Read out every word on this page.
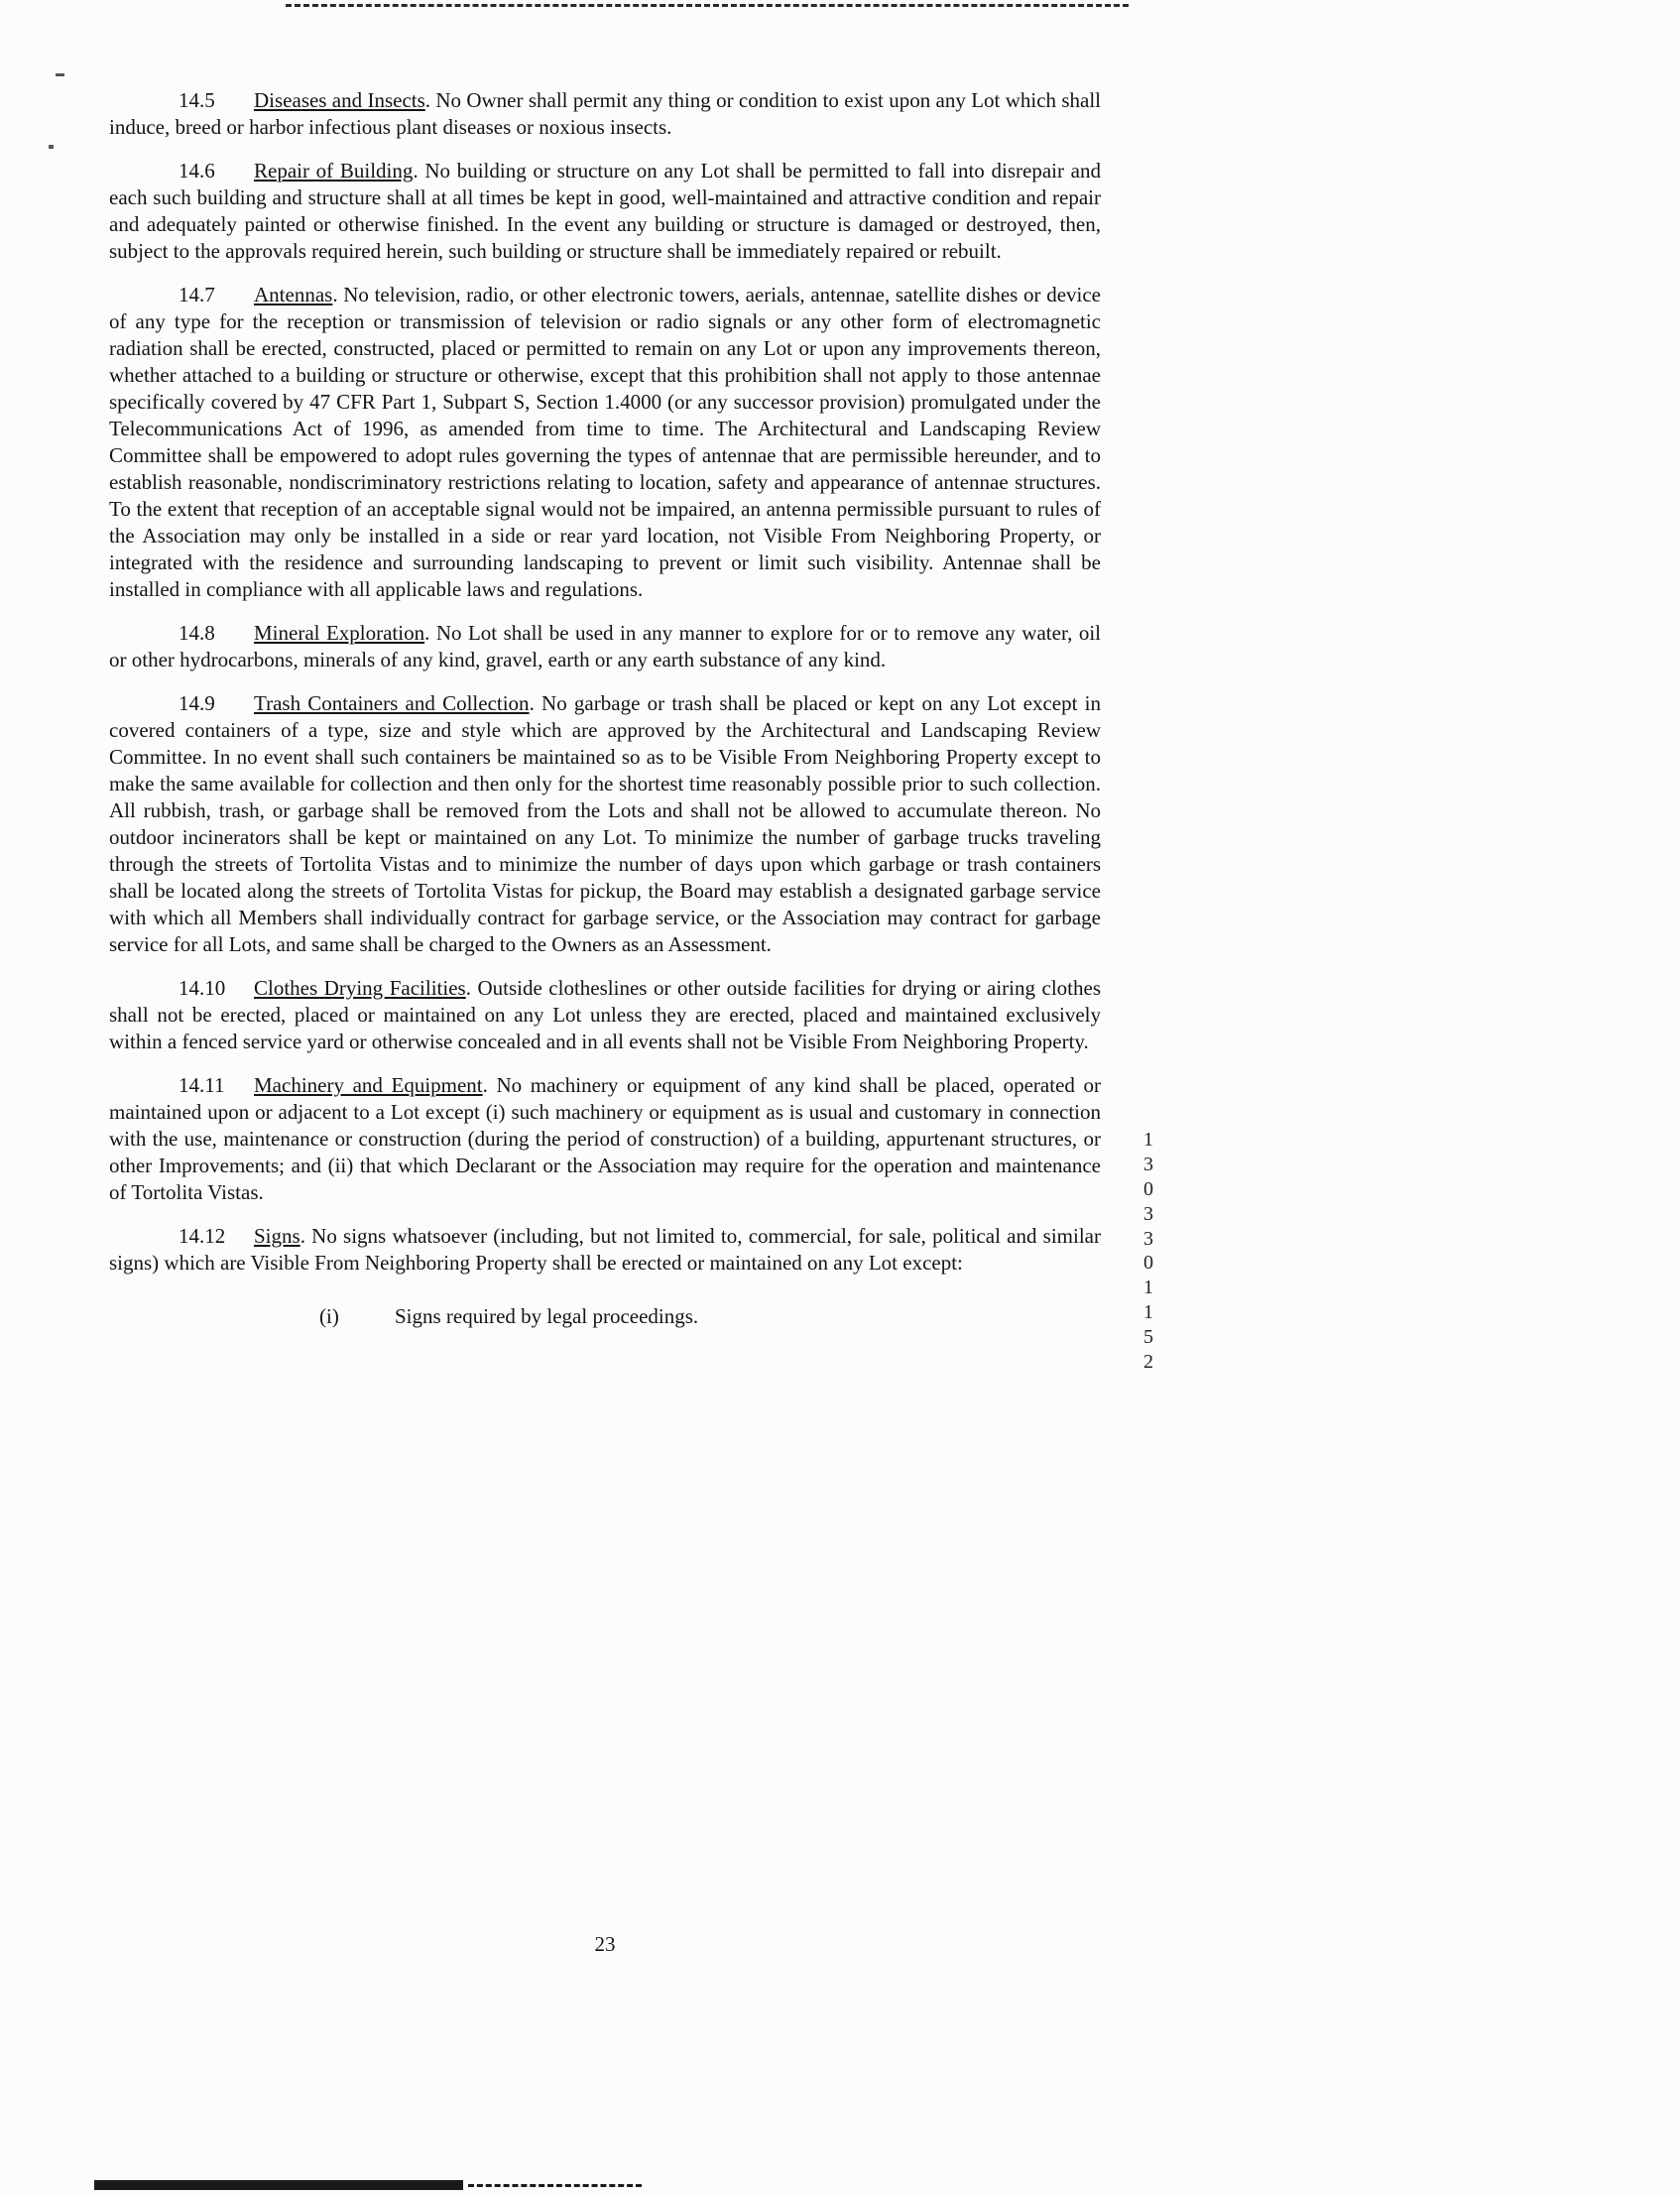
14.5 Diseases and Insects. No Owner shall permit any thing or condition to exist upon any Lot which shall induce, breed or harbor infectious plant diseases or noxious insects.

14.6 Repair of Building. No building or structure on any Lot shall be permitted to fall into disrepair and each such building and structure shall at all times be kept in good, well-maintained and attractive condition and repair and adequately painted or otherwise finished. In the event any building or structure is damaged or destroyed, then, subject to the approvals required herein, such building or structure shall be immediately repaired or rebuilt.

14.7 Antennas. No television, radio, or other electronic towers, aerials, antennae, satellite dishes or device of any type for the reception or transmission of television or radio signals or any other form of electromagnetic radiation shall be erected, constructed, placed or permitted to remain on any Lot or upon any improvements thereon, whether attached to a building or structure or otherwise, except that this prohibition shall not apply to those antennae specifically covered by 47 CFR Part 1, Subpart S, Section 1.4000 (or any successor provision) promulgated under the Telecommunications Act of 1996, as amended from time to time. The Architectural and Landscaping Review Committee shall be empowered to adopt rules governing the types of antennae that are permissible hereunder, and to establish reasonable, nondiscriminatory restrictions relating to location, safety and appearance of antennae structures. To the extent that reception of an acceptable signal would not be impaired, an antenna permissible pursuant to rules of the Association may only be installed in a side or rear yard location, not Visible From Neighboring Property, or integrated with the residence and surrounding landscaping to prevent or limit such visibility. Antennae shall be installed in compliance with all applicable laws and regulations.

14.8 Mineral Exploration. No Lot shall be used in any manner to explore for or to remove any water, oil or other hydrocarbons, minerals of any kind, gravel, earth or any earth substance of any kind.

14.9 Trash Containers and Collection. No garbage or trash shall be placed or kept on any Lot except in covered containers of a type, size and style which are approved by the Architectural and Landscaping Review Committee. In no event shall such containers be maintained so as to be Visible From Neighboring Property except to make the same available for collection and then only for the shortest time reasonably possible prior to such collection. All rubbish, trash, or garbage shall be removed from the Lots and shall not be allowed to accumulate thereon. No outdoor incinerators shall be kept or maintained on any Lot. To minimize the number of garbage trucks traveling through the streets of Tortolita Vistas and to minimize the number of days upon which garbage or trash containers shall be located along the streets of Tortolita Vistas for pickup, the Board may establish a designated garbage service with which all Members shall individually contract for garbage service, or the Association may contract for garbage service for all Lots, and same shall be charged to the Owners as an Assessment.

14.10 Clothes Drying Facilities. Outside clotheslines or other outside facilities for drying or airing clothes shall not be erected, placed or maintained on any Lot unless they are erected, placed and maintained exclusively within a fenced service yard or otherwise concealed and in all events shall not be Visible From Neighboring Property.

14.11 Machinery and Equipment. No machinery or equipment of any kind shall be placed, operated or maintained upon or adjacent to a Lot except (i) such machinery or equipment as is usual and customary in connection with the use, maintenance or construction (during the period of construction) of a building, appurtenant structures, or other Improvements; and (ii) that which Declarant or the Association may require for the operation and maintenance of Tortolita Vistas.

14.12 Signs. No signs whatsoever (including, but not limited to, commercial, for sale, political and similar signs) which are Visible From Neighboring Property shall be erected or maintained on any Lot except:

(i)	Signs required by legal proceedings.

13033
01152
23
